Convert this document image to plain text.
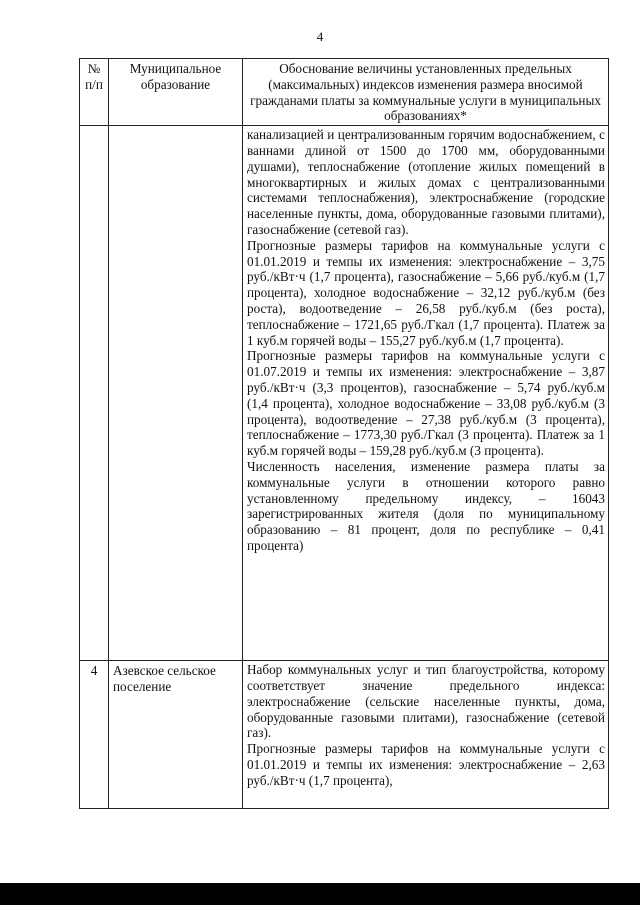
4
№ п/п	Муниципальное образование	Обоснование величины установленных предельных (максимальных) индексов изменения размера вносимой гражданами платы за коммунальные услуги в муниципальных образованиях*

		канализацией и централизованным горячим водоснабжением, с ваннами длиной от 1500 до 1700 мм, оборудованными душами), теплоснабжение (отопление жилых помещений в многоквартирных и жилых домах с централизованными системами теплоснабжения), электроснабжение (городские населенные пункты, дома, оборудованные газовыми плитами), газоснабжение (сетевой газ).

Прогнозные размеры тарифов на коммунальные услуги с 01.01.2019 и темпы их изменения: электроснабжение – 3,75 руб./кВт·ч (1,7 процента), газоснабжение – 5,66 руб./куб.м (1,7 процента), холодное водоснабжение – 32,12 руб./куб.м (без роста), водоотведение – 26,58 руб./куб.м (без роста), теплоснабжение – 1721,65 руб./Гкал (1,7 процента). Платеж за 1 куб.м горячей воды – 155,27 руб./куб.м (1,7 процента).

Прогнозные размеры тарифов на коммунальные услуги с 01.07.2019 и темпы их изменения: электроснабжение – 3,87 руб./кВт·ч (3,3 процентов), газоснабжение – 5,74 руб./куб.м (1,4 процента), холодное водоснабжение – 33,08 руб./куб.м (3 процента), водоотведение – 27,38 руб./куб.м (3 процента), теплоснабжение – 1773,30 руб./Гкал (3 процента). Платеж за 1 куб.м горячей воды – 159,28 руб./куб.м (3 процента).

Численность населения, изменение размера платы за коммунальные услуги в отношении которого равно установленному предельному индексу, – 16043 зарегистрированных жителя (доля по муниципальному образованию – 81 процент, доля по республике – 0,41 процента)

4	Азевское сельское поселение	Набор коммунальных услуг и тип благоустройства, которому соответствует значение предельного индекса: электроснабжение (сельские населенные пункты, дома, оборудованные газовыми плитами), газоснабжение (сетевой газ).

Прогнозные размеры тарифов на коммунальные услуги с 01.01.2019 и темпы их изменения: электроснабжение – 2,63 руб./кВт·ч (1,7 процента),
